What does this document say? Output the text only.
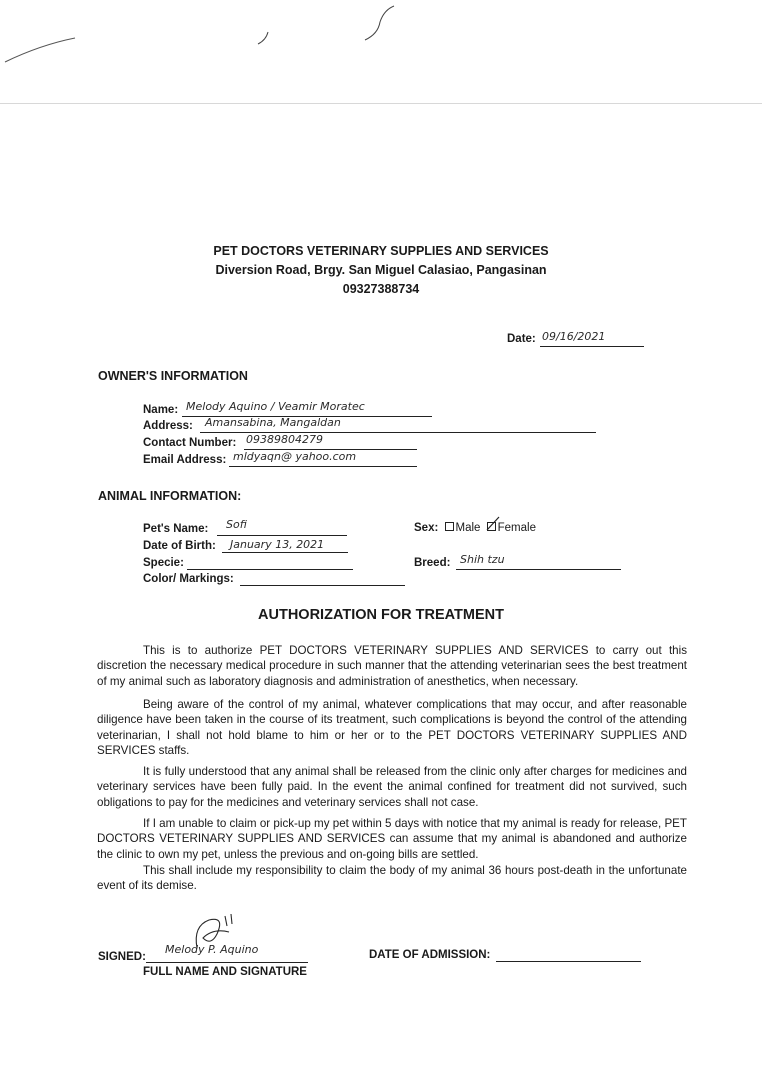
PET DOCTORS VETERINARY SUPPLIES AND SERVICES
Diversion Road, Brgy. San Miguel Calasiao, Pangasinan
09327388734
Date: 09/16/2021
OWNER'S INFORMATION
Name: Melody Aquino / Veamir Moratec
Address: Amansabina, Mangaldan
Contact Number: 09389804279
Email Address: mldyaqn@ yahoo.com
ANIMAL INFORMATION:
Pet's Name: Sofi
Date of Birth: January 13, 2021
Specie:
Color/ Markings:
Sex: Male Female
Breed: Shih tzu
AUTHORIZATION FOR TREATMENT

This is to authorize PET DOCTORS VETERINARY SUPPLIES AND SERVICES to carry out this discretion the necessary medical procedure in such manner that the attending veterinarian sees the best treatment of my animal such as laboratory diagnosis and administration of anesthetics, when necessary.

Being aware of the control of my animal, whatever complications that may occur, and after reasonable diligence have been taken in the course of its treatment, such complications is beyond the control of the attending veterinarian, I shall not hold blame to him or her or to the PET DOCTORS VETERINARY SUPPLIES AND SERVICES staffs.

It is fully understood that any animal shall be released from the clinic only after charges for medicines and veterinary services have been fully paid. In the event the animal confined for treatment did not survived, such obligations to pay for the medicines and veterinary services shall not case.

If I am unable to claim or pick-up my pet within 5 days with notice that my animal is ready for release, PET DOCTORS VETERINARY SUPPLIES AND SERVICES can assume that my animal is abandoned and authorize the clinic to own my pet, unless the previous and on-going bills are settled.

This shall include my responsibility to claim the body of my animal 36 hours post-death in the unfortunate event of its demise.

SIGNED:
Melody P. Aquino
FULL NAME AND SIGNATURE
DATE OF ADMISSION:
